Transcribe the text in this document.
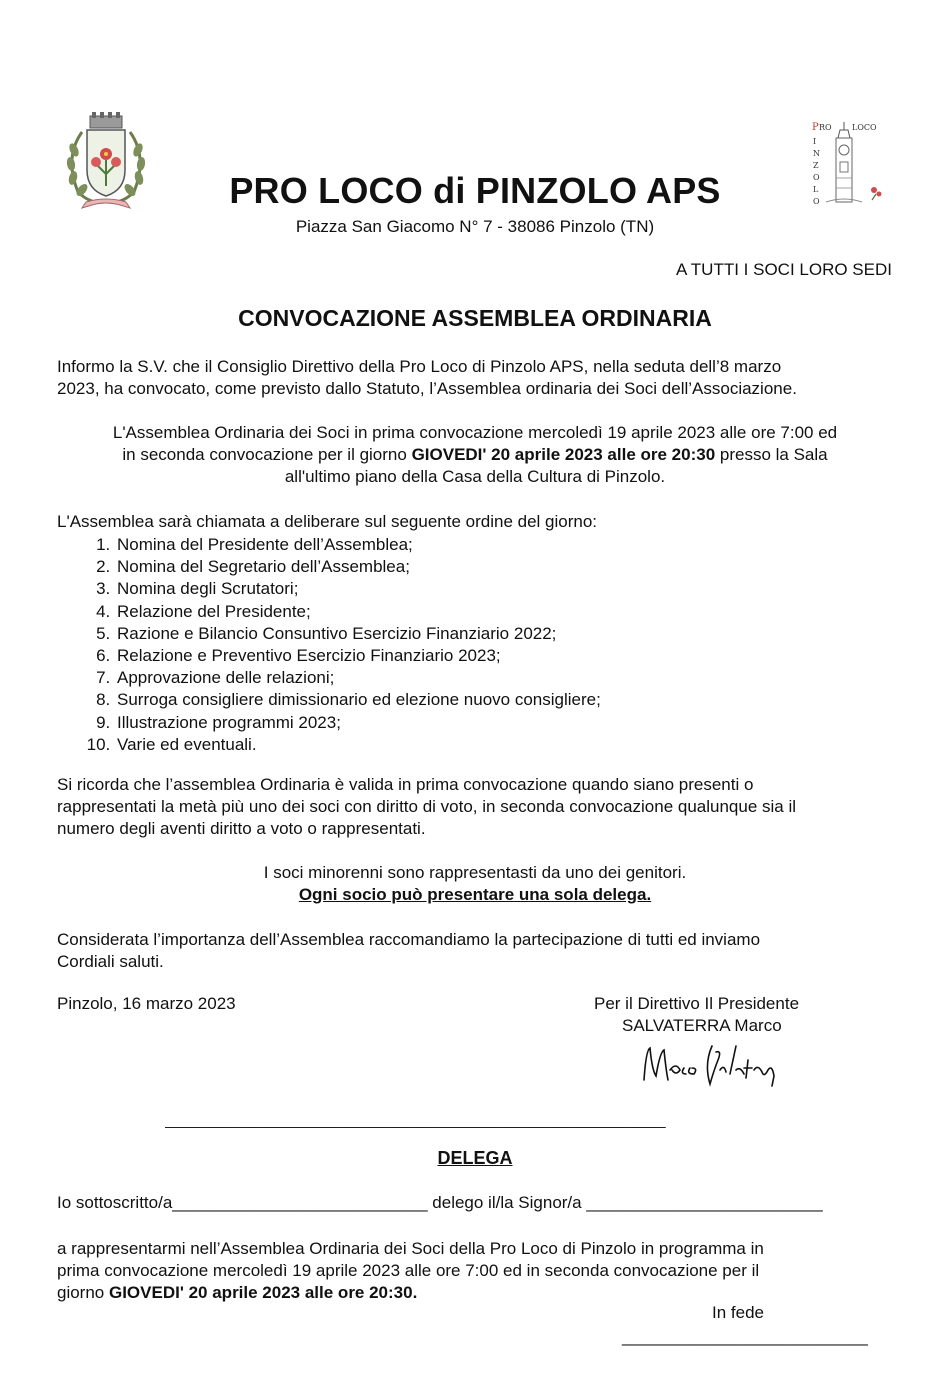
P RO	LOCO
I
N
Z
O
L
O
PRO LOCO di PINZOLO APS
Piazza San Giacomo N° 7 - 38086 Pinzolo (TN)
A TUTTI I SOCI LORO SEDI
CONVOCAZIONE ASSEMBLEA ORDINARIA
Informo la S.V. che il Consiglio Direttivo della Pro Loco di Pinzolo APS, nella seduta dell’8 marzo
2023, ha convocato, come previsto dallo Statuto, l’Assemblea ordinaria dei Soci dell’Associazione.
L'Assemblea Ordinaria dei Soci in prima convocazione mercoledì 19 aprile 2023 alle ore 7:00 ed
in seconda convocazione per il giorno GIOVEDI' 20 aprile 2023 alle ore 20:30 presso la Sala
all'ultimo piano della Casa della Cultura di Pinzolo.
L'Assemblea sarà chiamata a deliberare sul seguente ordine del giorno:
1. Nomina del Presidente dell’Assemblea;
2. Nomina del Segretario dell’Assemblea;
3. Nomina degli Scrutatori;
4. Relazione del Presidente;
5. Razione e Bilancio Consuntivo Esercizio Finanziario 2022;
6. Relazione e Preventivo Esercizio Finanziario 2023;
7. Approvazione delle relazioni;
8. Surroga consigliere dimissionario ed elezione nuovo consigliere;
9. Illustrazione programmi 2023;
10. Varie ed eventuali.
Si ricorda che l’assemblea Ordinaria è valida in prima convocazione quando siano presenti o
rappresentati la metà più uno dei soci con diritto di voto, in seconda convocazione qualunque sia il
numero degli aventi diritto a voto o rappresentati.
I soci minorenni sono rappresentasti da uno dei genitori.
Ogni socio può presentare una sola delega.
Considerata l’importanza dell’Assemblea raccomandiamo la partecipazione di tutti ed inviamo
Cordiali saluti.
Pinzolo, 16 marzo 2023	Per il Direttivo Il Presidente
SALVATERRA Marco
____________________________________________________________
DELEGA
Io sottoscritto/a___________________________ delego il/la Signor/a _________________________
a rappresentarmi nell’Assemblea Ordinaria dei Soci della Pro Loco di Pinzolo in programma in
prima convocazione mercoledì 19 aprile 2023 alle ore 7:00 ed in seconda convocazione per il
giorno GIOVEDI' 20 aprile 2023 alle ore 20:30.
In fede
__________________________
